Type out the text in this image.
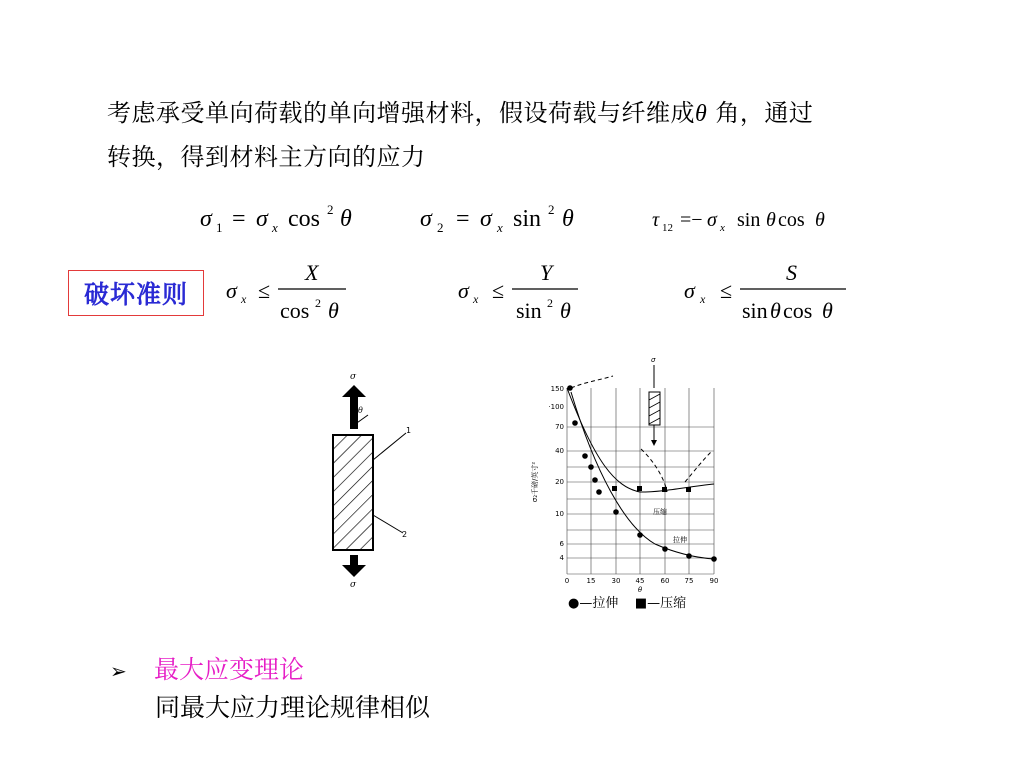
考虑承受单向荷载的单向增强材料，假设荷载与纤维成θ 角，通过
转换，得到材料主方向的应力
σ 1 = σ x cos 2 θ	σ 2 = σ x sin 2 θ	τ 12 =− σ x sin θ cos θ
σ x ≤
X
cos 2 θ
σ x ≤
Y
sin 2 θ
σ x ≤
S
sin θ cos θ
破坏准则
σ
1
2
θ
σ
150
·100
70
40
20
10
6
4
0 15 30 45 60 75 90
θ
σ₂千磅/英寸²
压缩
拉伸
σ
●—拉伸 ■—压缩
➢ 最大应变理论
同最大应力理论规律相似
